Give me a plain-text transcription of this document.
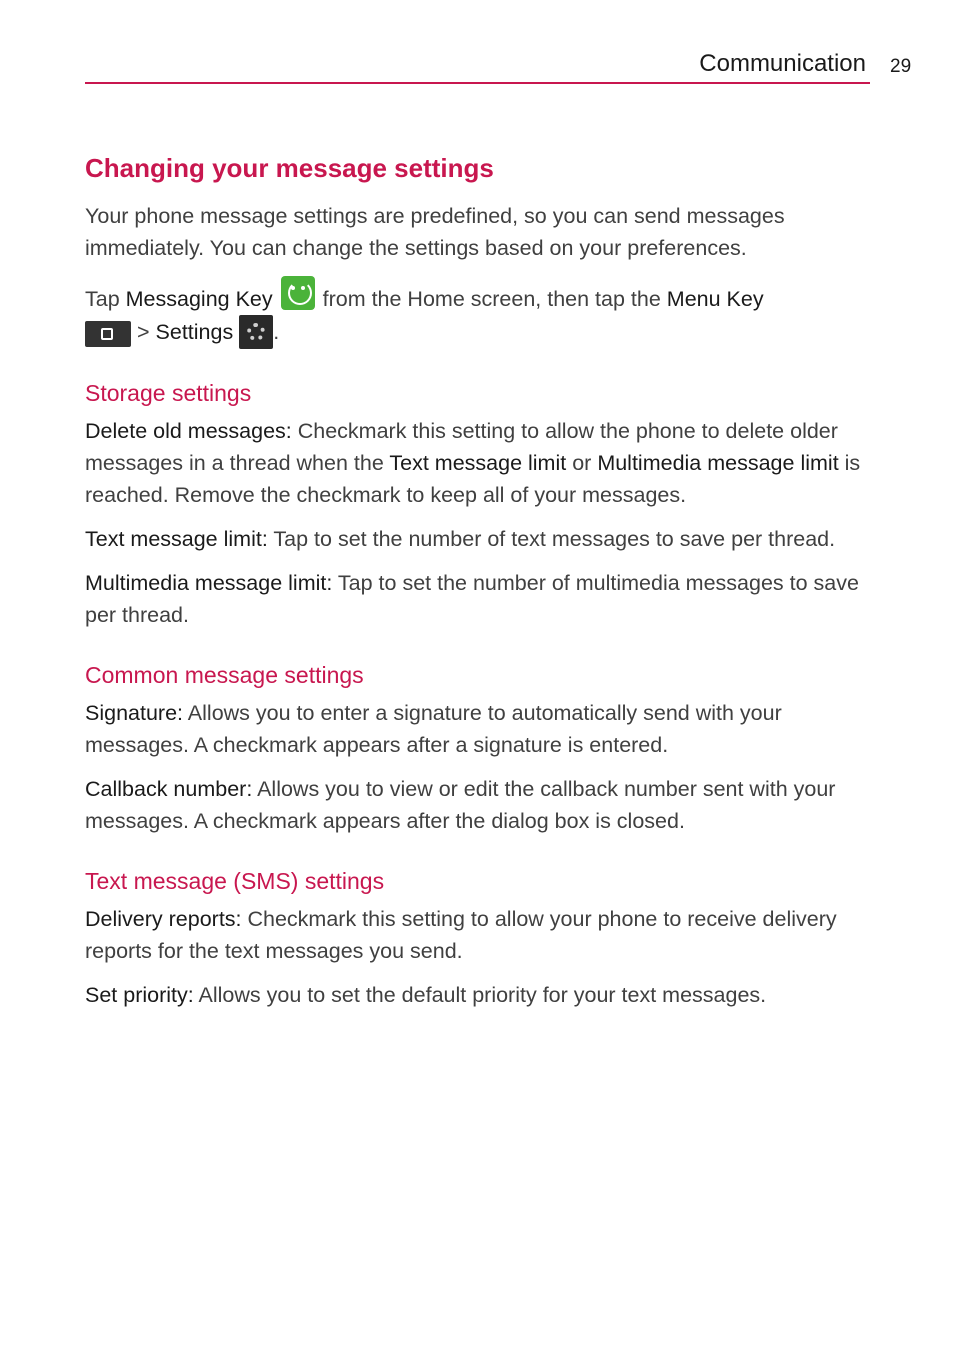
Communication 29
Changing your message settings

Your phone message settings are predefined, so you can send messages immediately. You can change the settings based on your preferences.

Tap Messaging Key  from the Home screen, then tap the Menu Key
> Settings .

Storage settings

Delete old messages: Checkmark this setting to allow the phone to delete older messages in a thread when the Text message limit or Multimedia message limit is reached. Remove the checkmark to keep all of your messages.

Text message limit: Tap to set the number of text messages to save per thread.

Multimedia message limit: Tap to set the number of multimedia messages to save per thread.

Common message settings

Signature: Allows you to enter a signature to automatically send with your messages. A checkmark appears after a signature is entered.

Callback number: Allows you to view or edit the callback number sent with your messages. A checkmark appears after the dialog box is closed.

Text message (SMS) settings

Delivery reports: Checkmark this setting to allow your phone to receive delivery reports for the text messages you send.

Set priority: Allows you to set the default priority for your text messages.
